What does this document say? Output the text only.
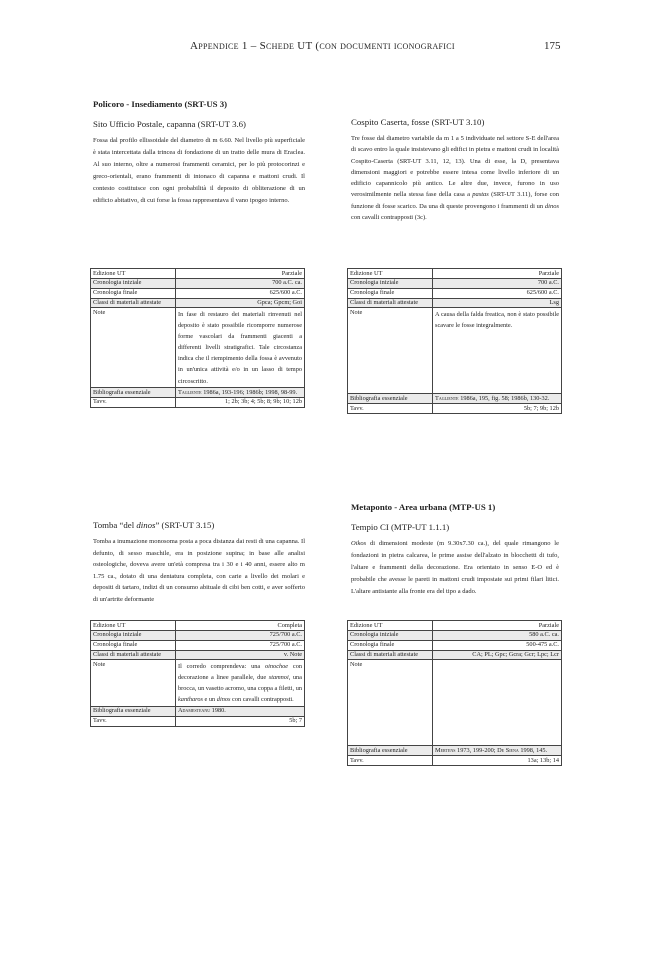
Appendice 1 – Schede UT (con documenti iconografici	175
Policoro - Insediamento (SRT-US 3)
Sito Ufficio Postale, capanna (SRT-UT 3.6)

Fossa dal profilo ellissoidale del diametro di m 6.60. Nel livello più superficiale è stata intercettata dalla trincea di fondazione di un tratto delle mura di Eraclea. Al suo interno, oltre a numerosi frammenti ceramici, per lo più protocorinzi e greco-orientali, erano frammenti di intonaco di capanna e mattoni crudi. Il contesto costituisce con ogni probabilità il deposito di obliterazione di un edificio abitativo, di cui forse la fossa rappresentava il vano ipogeo interno.

Edizione UT	Parziale
Cronologia iniziale	700 a.C. ca.
Cronologia finale	625/600 a.C.
Classi di materiali attestate	Gpca; Gpcm; Goi
Note	In fase di restauro dei materiali rinvenuti nel deposito è stato possibile ricomporre numerose forme vascolari da frammenti giacenti a differenti livelli stratigrafici. Tale circostanza indica che il riempimento della fossa è avvenuto in un'unica attività e/o in un lasso di tempo circoscritto.
Bibliografia essenziale	Tagliente 1986a, 193-196; 1986b; 1998, 98-99.
Tavv.	1; 2b; 3b; 4; 5b; 8; 9b; 10; 12b
Cospito Caserta, fosse (SRT-UT 3.10)

Tre fosse dal diametro variabile da m 1 a 5 individuate nel settore S-E dell'area di scavo entro la quale insistevano gli edifici in pietra e mattoni crudi in località Cospito-Caserta (SRT-UT 3.11, 12, 13). Una di esse, la D, presentava dimensioni maggiori e potrebbe essere intesa come livello inferiore di un edificio capannicolo più antico. Le altre due, invece, furono in uso verosimilmente nella stessa fase della casa a pastas (SRT-UT 3.11), forse con funzione di fosse scarico. Da una di queste provengono i frammenti di un dinos con cavalli contrapposti (3c).

Edizione UT	Parziale
Cronologia iniziale	700 a.C.
Cronologia finale	625/600 a.C.
Classi di materiali attestate	Lsg
Note	A causa della falda freatica, non è stato possibile scavare le fosse integralmente.
Bibliografia essenziale	Tagliente 1986a, 195, fig. 58; 1986b, 130-32.
Tavv.	5b; 7; 9b; 12b
Tomba “del dinos” (SRT-UT 3.15)

Tomba a inumazione monosoma posta a poca distanza dai resti di una capanna. Il defunto, di sesso maschile, era in posizione supina; in base alle analisi osteologiche, doveva avere un'età compresa tra i 30 e i 40 anni, essere alto m 1.75 ca., dotato di una dentatura completa, con carie a livello dei molari e depositi di tartaro, indizi di un consumo abituale di cibi ben cotti, e aver sofferto di un'artrite deformante

Edizione UT	Completa
Cronologia iniziale	725/700 a.C.
Cronologia finale	725/700 a.C.
Classi di materiali attestate	v. Note
Note	Il corredo comprendeva: una oinochoe con decorazione a linee parallele, due stamnoi, una brocca, un vasetto acromo, una coppa a filetti, un kantharos e un dinos con cavalli contrapposti.
Bibliografia essenziale	Adamesteanu 1980.
Tavv.	5b; 7
Metaponto - Area urbana (MTP-US 1)
Tempio CI (MTP-UT 1.1.1)

Oikos di dimensioni modeste (m 9.30x7.30 ca.), del quale rimangono le fondazioni in pietra calcarea, le prime assise dell'alzato in blocchetti di tufo, l'altare e frammenti della decorazione. Era orientato in senso E-O ed è probabile che avesse le pareti in mattoni crudi impostate sui primi filari litici. L'altare antistante alla fronte era del tipo a dado.

Edizione UT	Parziale
Cronologia iniziale	580 a.C. ca.
Cronologia finale	500-475 a.C.
Classi di materiali attestate	CA; PL; Gpc; Gcra; Gcr; Lpc; Lcr
Note	
Bibliografia essenziale	Mertens 1973, 199-200; De Siena 1998, 145.
Tavv.	13a; 13b; 14
